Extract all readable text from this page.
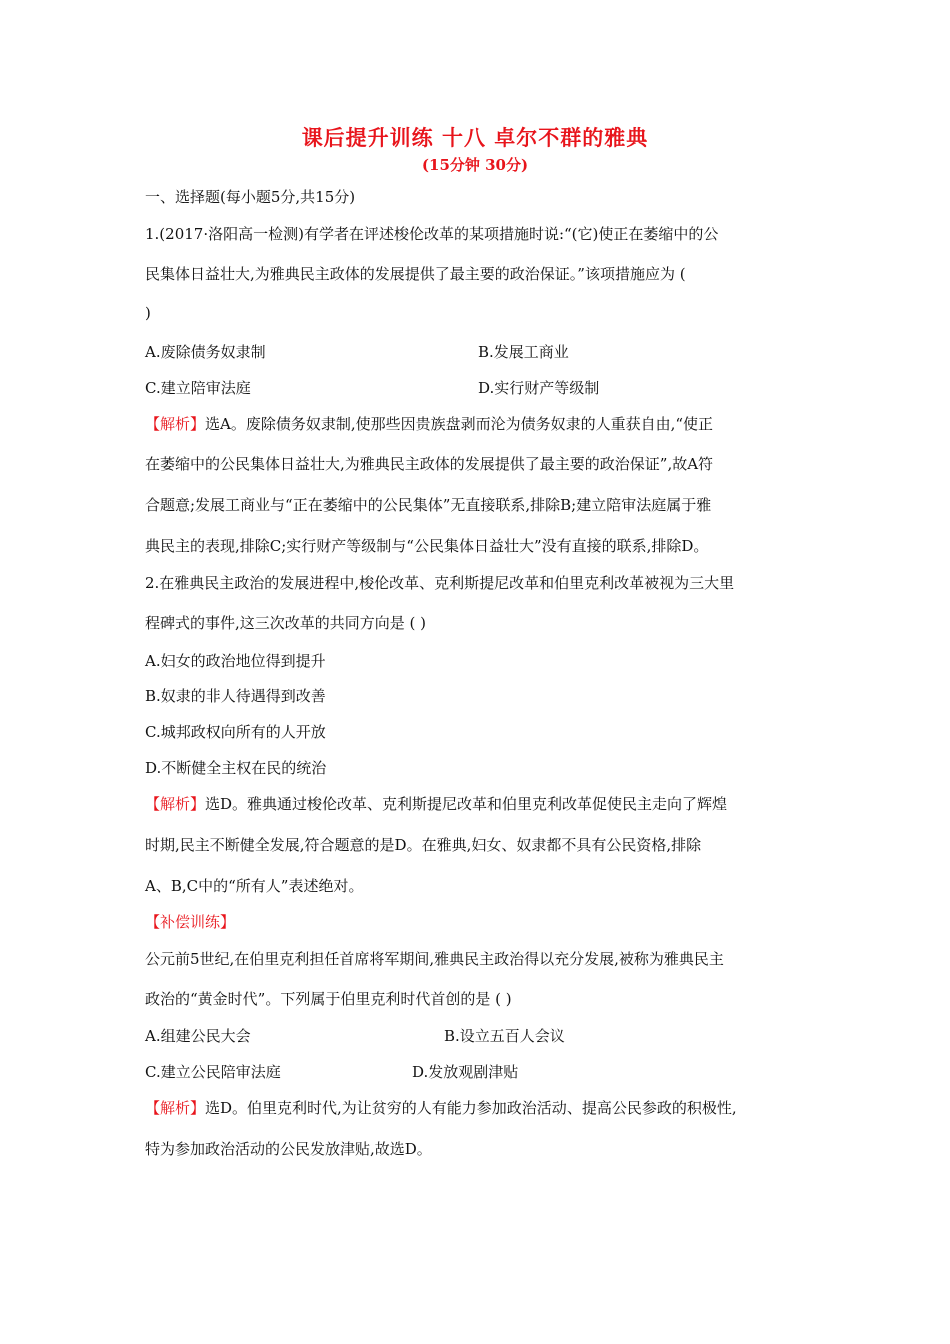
课后提升训练 十八 卓尔不群的雅典
(15分钟 30分)
一、选择题(每小题5分,共15分)
1.(2017·洛阳高一检测)有学者在评述梭伦改革的某项措施时说:“(它)使正在萎缩中的公
民集体日益壮大,为雅典民主政体的发展提供了最主要的政治保证。”该项措施应为 (
)
A.废除债务奴隶制	B.发展工商业
C.建立陪审法庭	D.实行财产等级制
【解析】选A。废除债务奴隶制,使那些因贵族盘剥而沦为债务奴隶的人重获自由,“使正
在萎缩中的公民集体日益壮大,为雅典民主政体的发展提供了最主要的政治保证”,故A符
合题意;发展工商业与“正在萎缩中的公民集体”无直接联系,排除B;建立陪审法庭属于雅
典民主的表现,排除C;实行财产等级制与“公民集体日益壮大”没有直接的联系,排除D。
2.在雅典民主政治的发展进程中,梭伦改革、克利斯提尼改革和伯里克利改革被视为三大里
程碑式的事件,这三次改革的共同方向是 ( )
A.妇女的政治地位得到提升
B.奴隶的非人待遇得到改善
C.城邦政权向所有的人开放
D.不断健全主权在民的统治
【解析】选D。雅典通过梭伦改革、克利斯提尼改革和伯里克利改革促使民主走向了辉煌
时期,民主不断健全发展,符合题意的是D。在雅典,妇女、奴隶都不具有公民资格,排除
A、B,C中的“所有人”表述绝对。
【补偿训练】
公元前5世纪,在伯里克利担任首席将军期间,雅典民主政治得以充分发展,被称为雅典民主
政治的“黄金时代”。下列属于伯里克利时代首创的是 ( )
A.组建公民大会	B.设立五百人会议
C.建立公民陪审法庭	D.发放观剧津贴
【解析】选D。伯里克利时代,为让贫穷的人有能力参加政治活动、提高公民参政的积极性,
特为参加政治活动的公民发放津贴,故选D。
